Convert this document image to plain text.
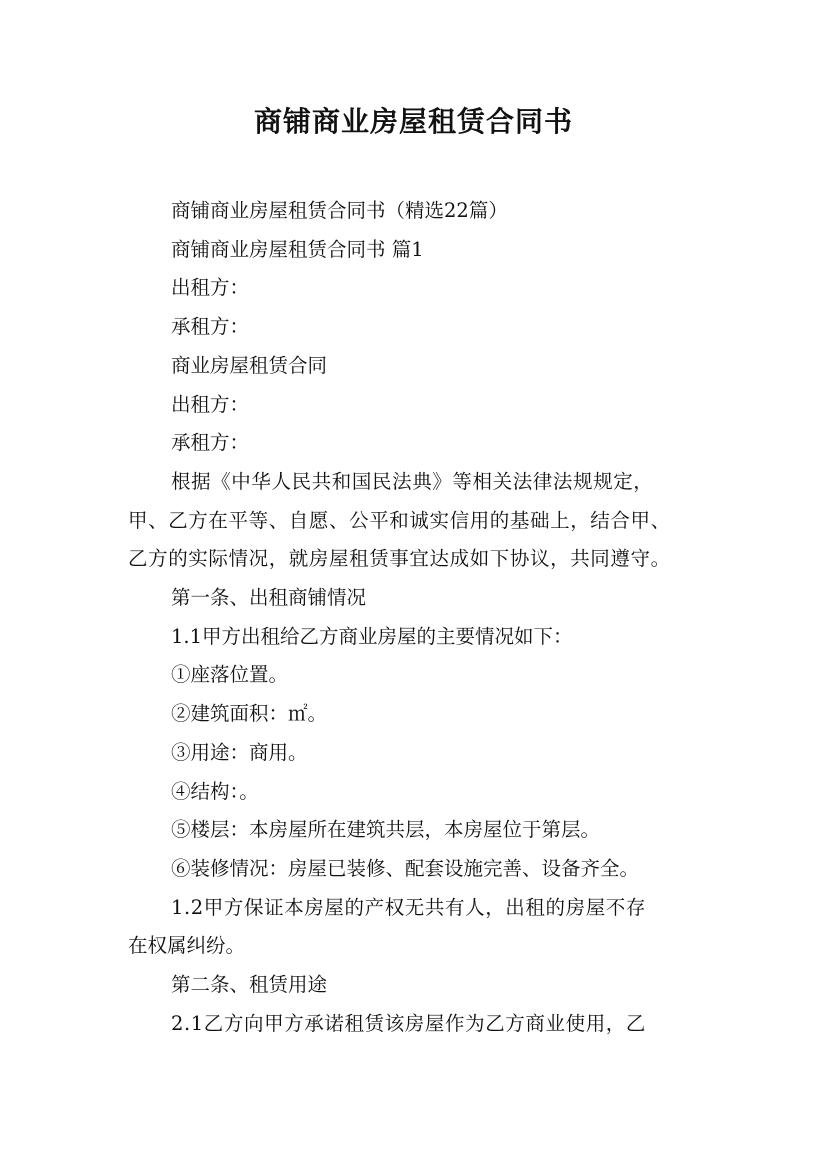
商铺商业房屋租赁合同书

商铺商业房屋租赁合同书（精选22篇）

商铺商业房屋租赁合同书 篇1

出租方：

承租方：

商业房屋租赁合同

出租方：

承租方：

根据《中华人民共和国民法典》等相关法律法规规定，

甲、乙方在平等、自愿、公平和诚实信用的基础上，结合甲、

乙方的实际情况，就房屋租赁事宜达成如下协议，共同遵守。

第一条、出租商铺情况

1.1甲方出租给乙方商业房屋的主要情况如下：

①座落位置。

②建筑面积：㎡。

③用途：商用。

④结构：。

⑤楼层：本房屋所在建筑共层，本房屋位于第层。

⑥装修情况：房屋已装修、配套设施完善、设备齐全。

1.2甲方保证本房屋的产权无共有人，出租的房屋不存

在权属纠纷。

第二条、租赁用途

2.1乙方向甲方承诺租赁该房屋作为乙方商业使用，乙
